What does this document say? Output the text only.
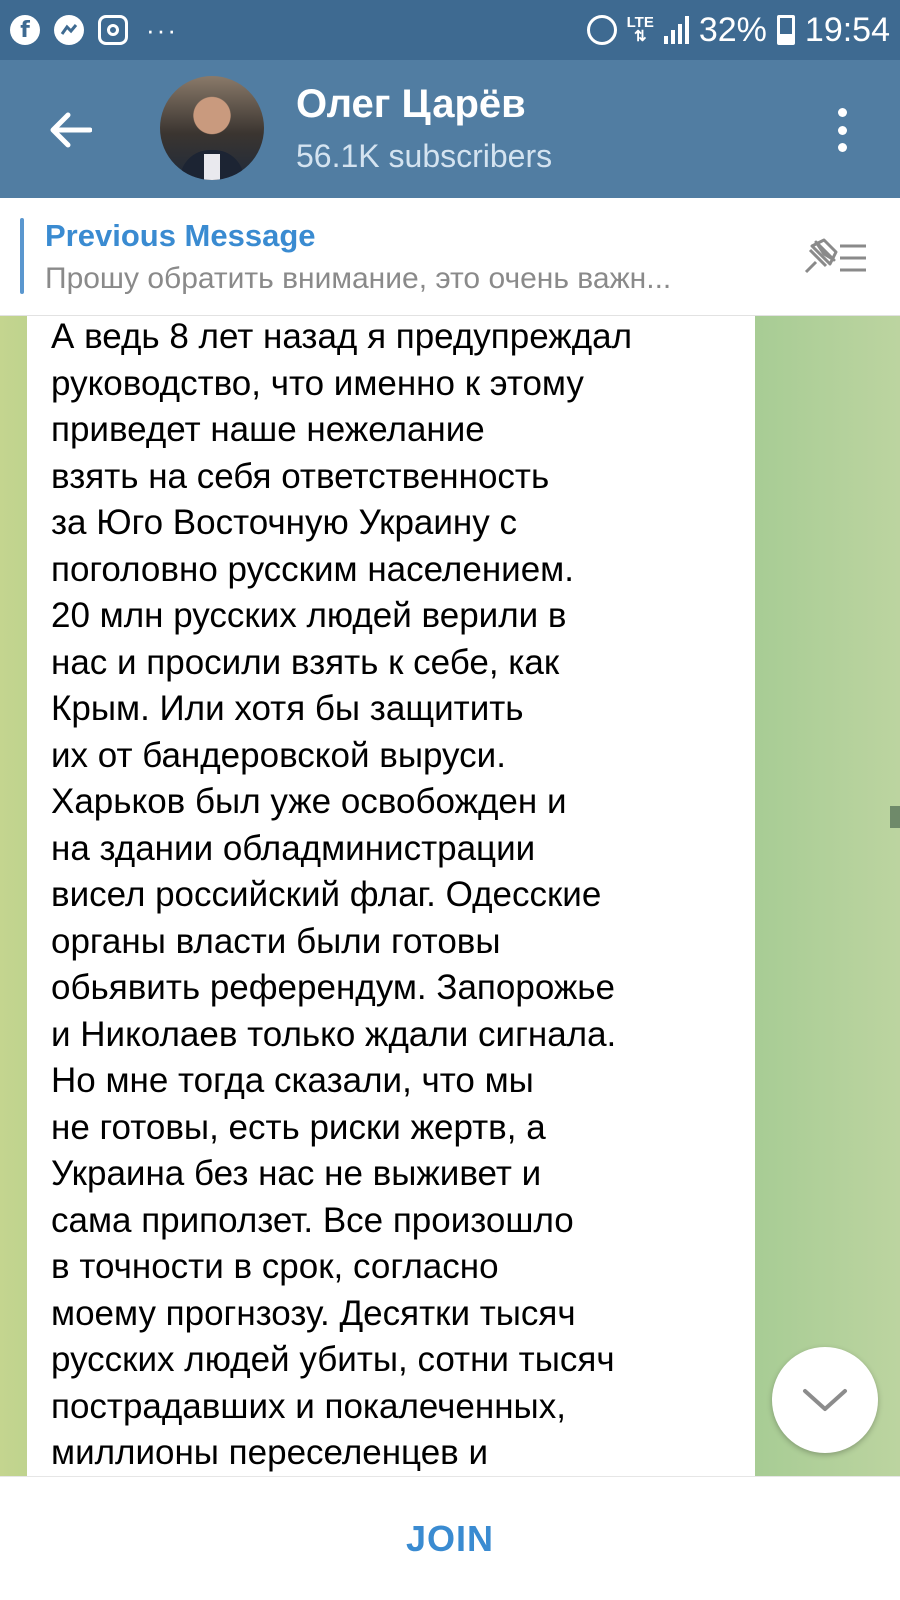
f	···	LTE
⇅ 32% 19:54
Олег Царёв
56.1K subscribers
Previous Message
Прошу обратить внимание, это очень важн...
А ведь 8 лет назад я предупреждал
руководство, что именно к этому
приведет наше нежелание
взять на себя ответственность
за Юго Восточную Украину с
поголовно русским населением.
20 млн русских людей верили в
нас и просили взять к себе, как
Крым. Или хотя бы защитить
их от бандеровской выруси.
Харьков был уже освобожден и
на здании обладминистрации
висел российский флаг. Одесские
органы власти были готовы
обьявить референдум. Запорожье
и Николаев только ждали сигнала.
Но мне тогда сказали, что мы
не готовы, есть риски жертв, а
Украина без нас не выживет и
сама приползет. Все произошло
в точности в срок, согласно
моему прогнзозу. Десятки тысяч
русских людей убиты, сотни тысяч
пострадавших и покалеченных,
миллионы переселенцев и
JOIN
